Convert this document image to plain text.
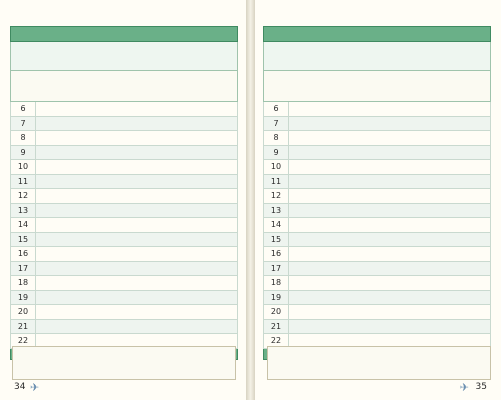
6
7
8
9
10
11
12
13
14
15
16
17
18
19
20
21
22
✈
34
6
7
8
9
10
11
12
13
14
15
16
17
18
19
20
21
22
✈ 35
